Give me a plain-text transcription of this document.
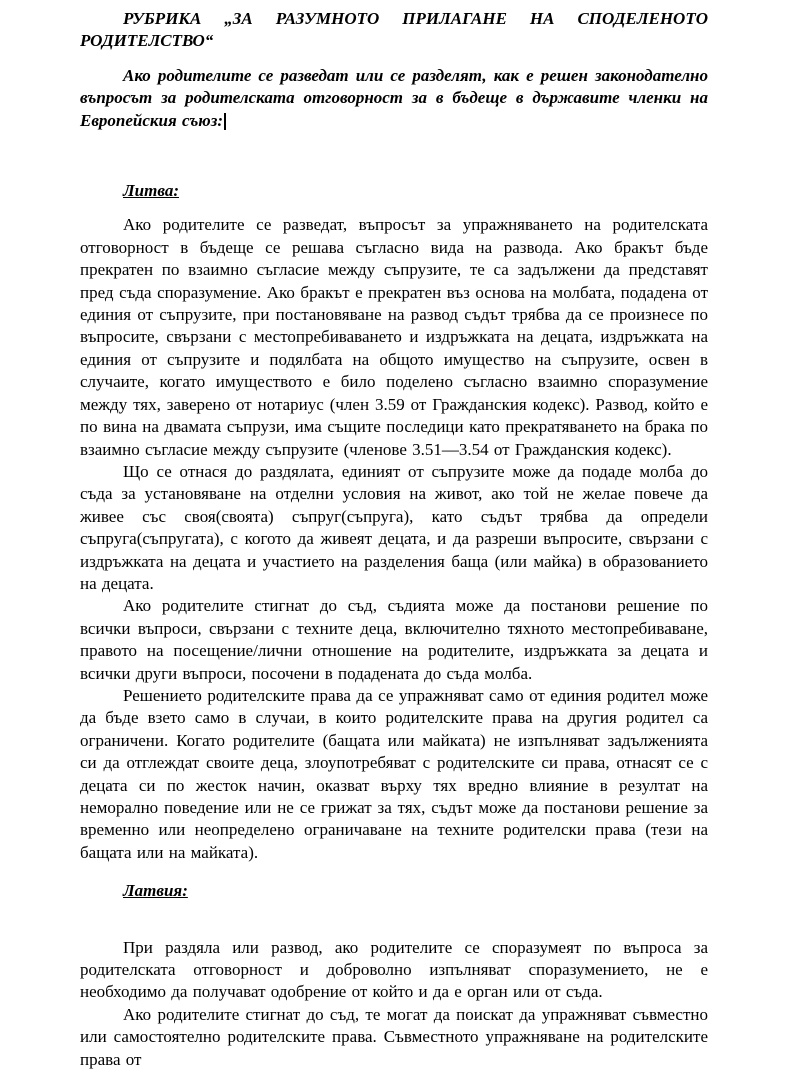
РУБРИКА „ЗА РАЗУМНОТО ПРИЛАГАНЕ НА СПОДЕЛЕНОТО РОДИТЕЛСТВО“

Ако родителите се разведат или се разделят, как е решен законодателно въпросът за родителската отговорност за в бъдеще в държавите членки на Европейския съюз:

Литва:

Ако родителите се разведат, въпросът за упражняването на родителската отговорност в бъдеще се решава съгласно вида на развода. Ако бракът бъде прекратен по взаимно съгласие между съпрузите, те са задължени да представят пред съда споразумение. Ако бракът е прекратен въз основа на молбата, подадена от единия от съпрузите, при постановяване на развод съдът трябва да се произнесе по въпросите, свързани с местопребиваването и издръжката на децата, издръжката на единия от съпрузите и подялбата на общото имущество на съпрузите, освен в случаите, когато имуществото е било поделено съгласно взаимно споразумение между тях, заверено от нотариус (член 3.59 от Гражданския кодекс). Развод, който е по вина на двамата съпрузи, има същите последици като прекратяването на брака по взаимно съгласие между съпрузите (членове 3.51—3.54 от Гражданския кодекс).

Що се отнася до раздялата, единият от съпрузите може да подаде молба до съда за установяване на отделни условия на живот, ако той не желае повече да живее със своя(своята) съпруг(съпруга), като съдът трябва да определи съпруга(съпругата), с когото да живеят децата, и да разреши въпросите, свързани с издръжката на децата и участието на разделения баща (или майка) в образованието на децата.

Ако родителите стигнат до съд, съдията може да постанови решение по всички въпроси, свързани с техните деца, включително тяхното местопребиваване, правото на посещение/лични отношение на родителите, издръжката за децата и всички други въпроси, посочени в подадената до съда молба.

Решението родителските права да се упражняват само от единия родител може да бъде взето само в случаи, в които родителските права на другия родител са ограничени. Когато родителите (бащата или майката) не изпълняват задълженията си да отглеждат своите деца, злоупотребяват с родителските си права, отнасят се с децата си по жесток начин, оказват върху тях вредно влияние в резултат на неморално поведение или не се грижат за тях, съдът може да постанови решение за временно или неопределено ограничаване на техните родителски права (тези на бащата или на майката).

Латвия:

При раздяла или развод, ако родителите се споразумеят по въпроса за родителската отговорност и доброволно изпълняват споразумението, не е необходимо да получават одобрение от който и да е орган или от съда.

Ако родителите стигнат до съд, те могат да поискат да упражняват съвместно или самостоятелно родителските права. Съвместното упражняване на родителските права от
